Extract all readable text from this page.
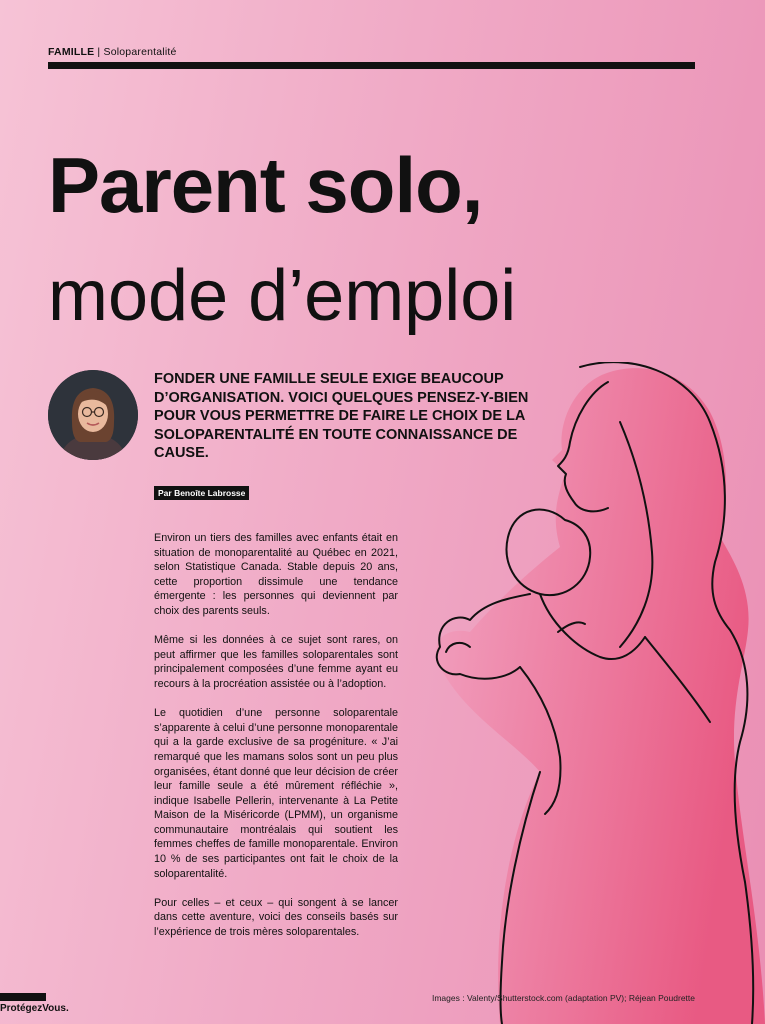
FAMILLE | Soloparentalité
Parent solo,
mode d’emploi

FONDER UNE FAMILLE SEULE EXIGE BEAUCOUP D’ORGANISATION. VOICI QUELQUES PENSEZ-Y-BIEN POUR VOUS PERMETTRE DE FAIRE LE CHOIX DE LA SOLOPARENTALITÉ EN TOUTE CONNAISSANCE DE CAUSE.

Par Benoîte Labrosse

Environ un tiers des familles avec enfants était en situation de monoparentalité au Québec en 2021, selon Statistique Canada. Stable depuis 20 ans, cette proportion dissimule une tendance émergente : les personnes qui deviennent par choix des parents seuls.

Même si les données à ce sujet sont rares, on peut affirmer que les familles soloparentales sont principalement composées d’une femme ayant eu recours à la procréation assistée ou à l’adoption.

Le quotidien d’une personne soloparentale s’apparente à celui d’une personne monoparentale qui a la garde exclusive de sa progéniture. « J’ai remarqué que les mamans solos sont un peu plus organisées, étant donné que leur décision de créer leur famille seule a été mûrement réfléchie », indique Isabelle Pellerin, intervenante à La Petite Maison de la Miséricorde (LPMM), un organisme communautaire montréalais qui soutient les femmes cheffes de famille monoparentale. Environ 10 % de ses participantes ont fait le choix de la soloparentalité.

Pour celles – et ceux – qui songent à se lancer dans cette aventure, voici des conseils basés sur l’expérience de trois mères soloparentales.

ProtégezVous.
Images : Valenty/Shutterstock.com (adaptation PV); Réjean Poudrette
